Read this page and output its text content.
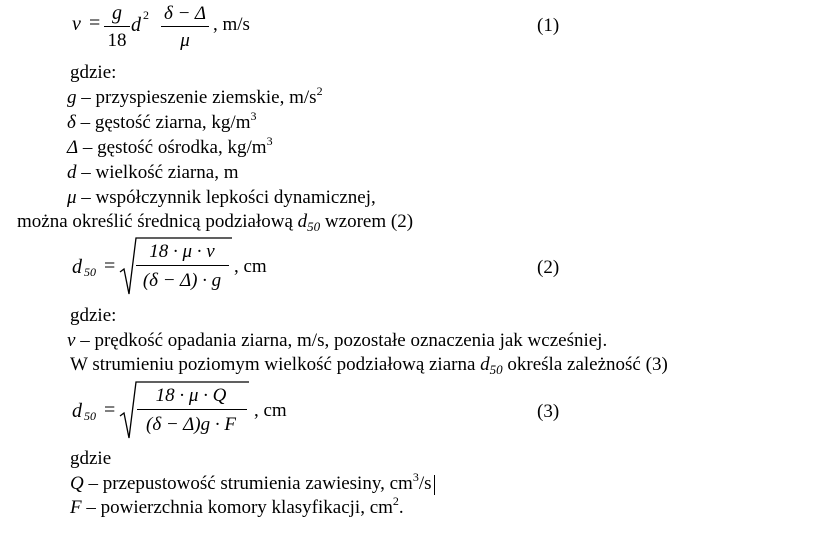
v = g
18
d 2 δ − Δ
μ
, m/s	(1)
gdzie:
g – przyspieszenie ziemskie, $m/s^2$
δ – gęstość ziarna, $kg/m^3$
Δ – gęstość ośrodka, $kg/m^3$
d – wielkość ziarna, m
μ – współczynnik lepkości dynamicznej,
można określić średnicą podziałową $d_{50}$ wzorem (2)
d 50 =
18 · μ · v
(δ − Δ) · g
, cm	(2)
gdzie:
v – prędkość opadania ziarna, m/s, pozostałe oznaczenia jak wcześniej.
W strumieniu poziomym wielkość podziałową ziarna $d_{50}$ określa zależność (3)
d 50 =
18 · μ · Q
(δ − Δ)g · F
, cm	(3)
gdzie
Q – przepustowość strumienia zawiesiny, $cm^3/s$
F – powierzchnia komory klasyfikacji, $cm^2$.
